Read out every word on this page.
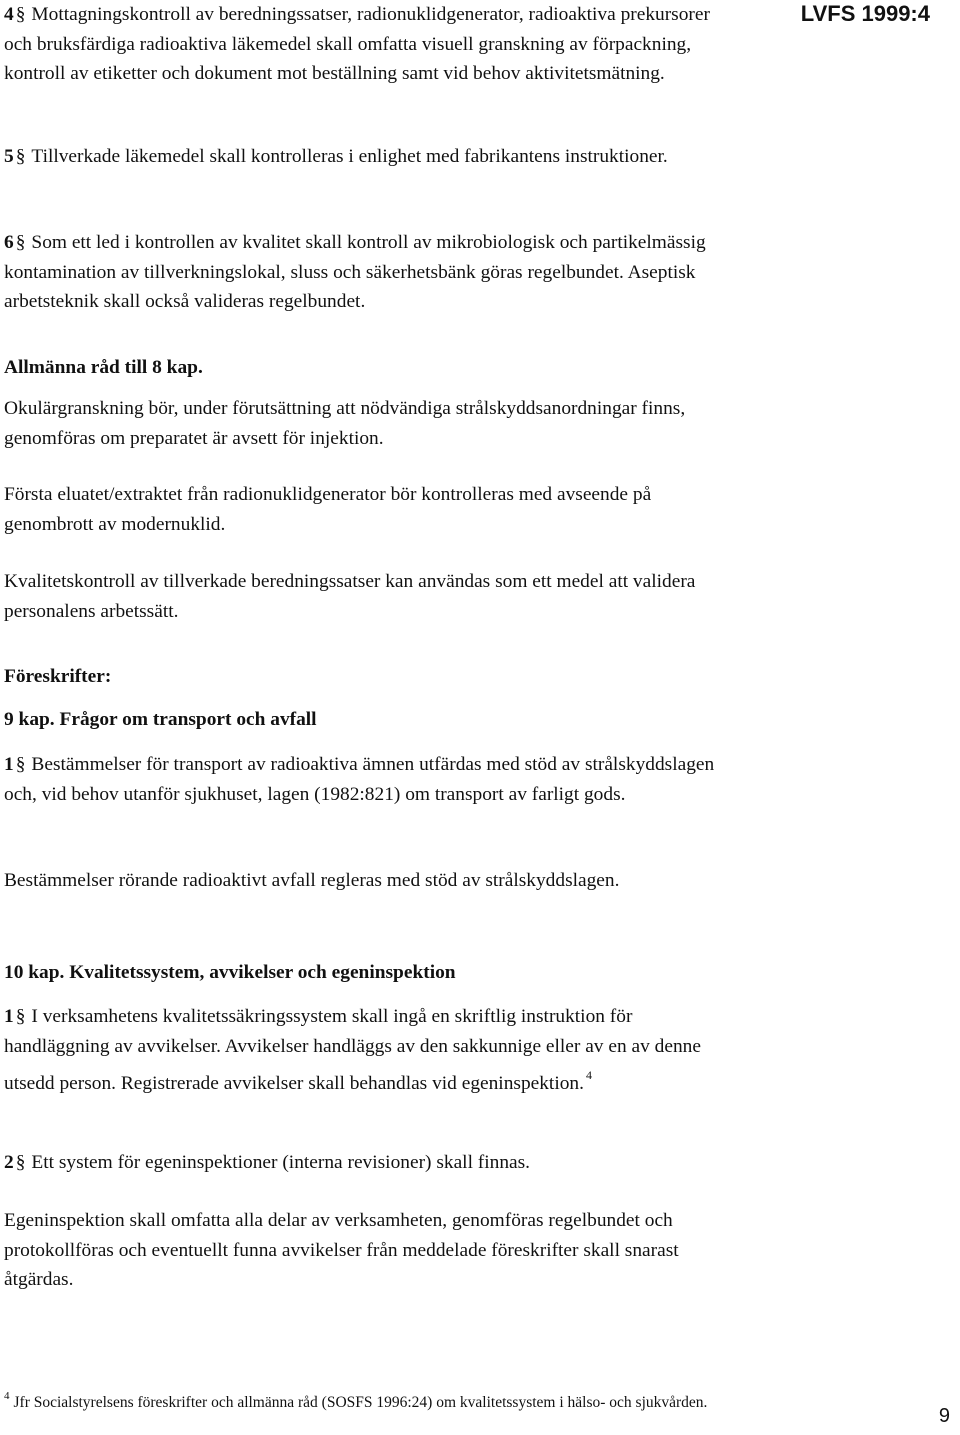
LVFS 1999:4
4 § Mottagningskontroll av beredningssatser, radionuklidgenerator, radioaktiva prekursorer och bruksfärdiga radioaktiva läkemedel skall omfatta visuell granskning av förpackning, kontroll av etiketter och dokument mot beställning samt vid behov aktivitetsmätning.
5 § Tillverkade läkemedel skall kontrolleras i enlighet med fabrikantens instruktioner.
6 § Som ett led i kontrollen av kvalitet skall kontroll av mikrobiologisk och partikelmässig kontamination av tillverkningslokal, sluss och säkerhetsbänk göras regelbundet. Aseptisk arbetsteknik skall också valideras regelbundet.
Allmänna råd till 8 kap.
Okulärgranskning bör, under förutsättning att nödvändiga strålskyddsanordningar finns, genomföras om preparatet är avsett för injektion.
Första eluatet/extraktet från radionuklidgenerator bör kontrolleras med avseende på genombrott av modernuklid.
Kvalitetskontroll av tillverkade beredningssatser kan användas som ett medel att validera personalens arbetssätt.
Föreskrifter:
9 kap. Frågor om transport och avfall
1 § Bestämmelser för transport av radioaktiva ämnen utfärdas med stöd av strålskyddslagen och, vid behov utanför sjukhuset, lagen (1982:821) om transport av farligt gods.
Bestämmelser rörande radioaktivt avfall regleras med stöd av strålskyddslagen.
10 kap. Kvalitetssystem, avvikelser och egeninspektion
1 § I verksamhetens kvalitetssäkringssystem skall ingå en skriftlig instruktion för handläggning av avvikelser. Avvikelser handläggs av den sakkunnige eller av en av denne utsedd person. Registrerade avvikelser skall behandlas vid egeninspektion. $^4$
2 § Ett system för egeninspektioner (interna revisioner) skall finnas.
Egeninspektion skall omfatta alla delar av verksamheten, genomföras regelbundet och protokollföras och eventuellt funna avvikelser från meddelade föreskrifter skall snarast åtgärdas.
$^4$ Jfr Socialstyrelsens föreskrifter och allmänna råd (SOSFS 1996:24) om kvalitetssystem i hälso- och sjukvården.
9
